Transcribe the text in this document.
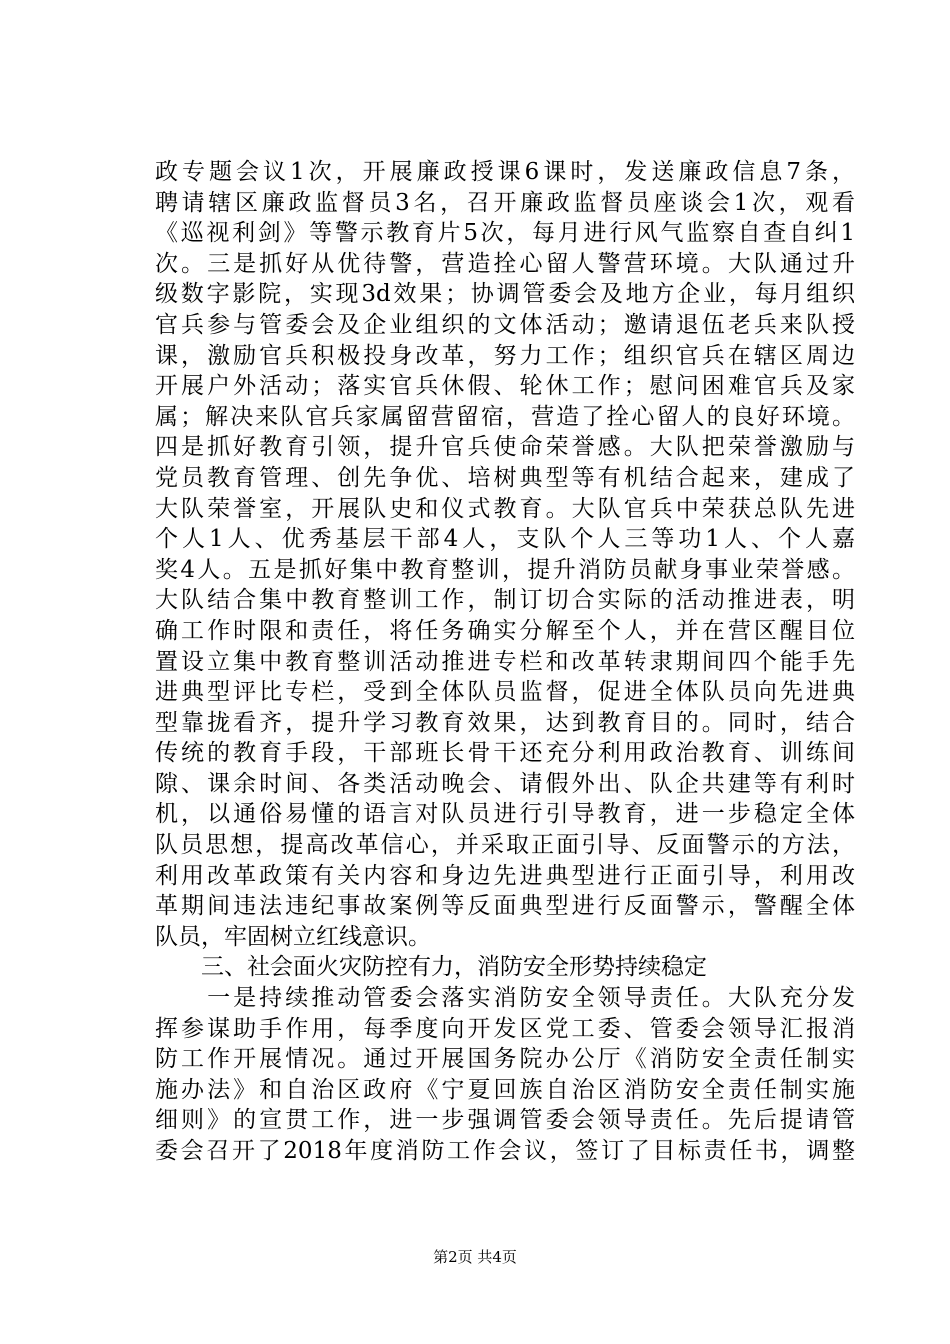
政专题会议1次，开展廉政授课6课时，发送廉政信息7条，
聘请辖区廉政监督员3名，召开廉政监督员座谈会1次，观看
《巡视利剑》等警示教育片5次，每月进行风气监察自查自纠1
次。三是抓好从优待警，营造拴心留人警营环境。大队通过升
级数字影院，实现3d效果；协调管委会及地方企业，每月组织
官兵参与管委会及企业组织的文体活动；邀请退伍老兵来队授
课，激励官兵积极投身改革，努力工作；组织官兵在辖区周边
开展户外活动；落实官兵休假、轮休工作；慰问困难官兵及家
属；解决来队官兵家属留营留宿，营造了拴心留人的良好环境。
四是抓好教育引领，提升官兵使命荣誉感。大队把荣誉激励与
党员教育管理、创先争优、培树典型等有机结合起来，建成了
大队荣誉室，开展队史和仪式教育。大队官兵中荣获总队先进
个人1人、优秀基层干部4人，支队个人三等功1人、个人嘉
奖4人。五是抓好集中教育整训，提升消防员献身事业荣誉感。
大队结合集中教育整训工作，制订切合实际的活动推进表，明
确工作时限和责任，将任务确实分解至个人，并在营区醒目位
置设立集中教育整训活动推进专栏和改革转隶期间四个能手先
进典型评比专栏，受到全体队员监督，促进全体队员向先进典
型靠拢看齐，提升学习教育效果，达到教育目的。同时，结合
传统的教育手段，干部班长骨干还充分利用政治教育、训练间
隙、课余时间、各类活动晚会、请假外出、队企共建等有利时
机，以通俗易懂的语言对队员进行引导教育，进一步稳定全体
队员思想，提高改革信心，并采取正面引导、反面警示的方法，
利用改革政策有关内容和身边先进典型进行正面引导，利用改
革期间违法违纪事故案例等反面典型进行反面警示，警醒全体
队员，牢固树立红线意识。
　　三、社会面火灾防控有力，消防安全形势持续稳定
　　一是持续推动管委会落实消防安全领导责任。大队充分发
挥参谋助手作用，每季度向开发区党工委、管委会领导汇报消
防工作开展情况。通过开展国务院办公厅《消防安全责任制实
施办法》和自治区政府《宁夏回族自治区消防安全责任制实施
细则》的宣贯工作，进一步强调管委会领导责任。先后提请管
委会召开了2018年度消防工作会议，签订了目标责任书，调整
第2页 共4页
